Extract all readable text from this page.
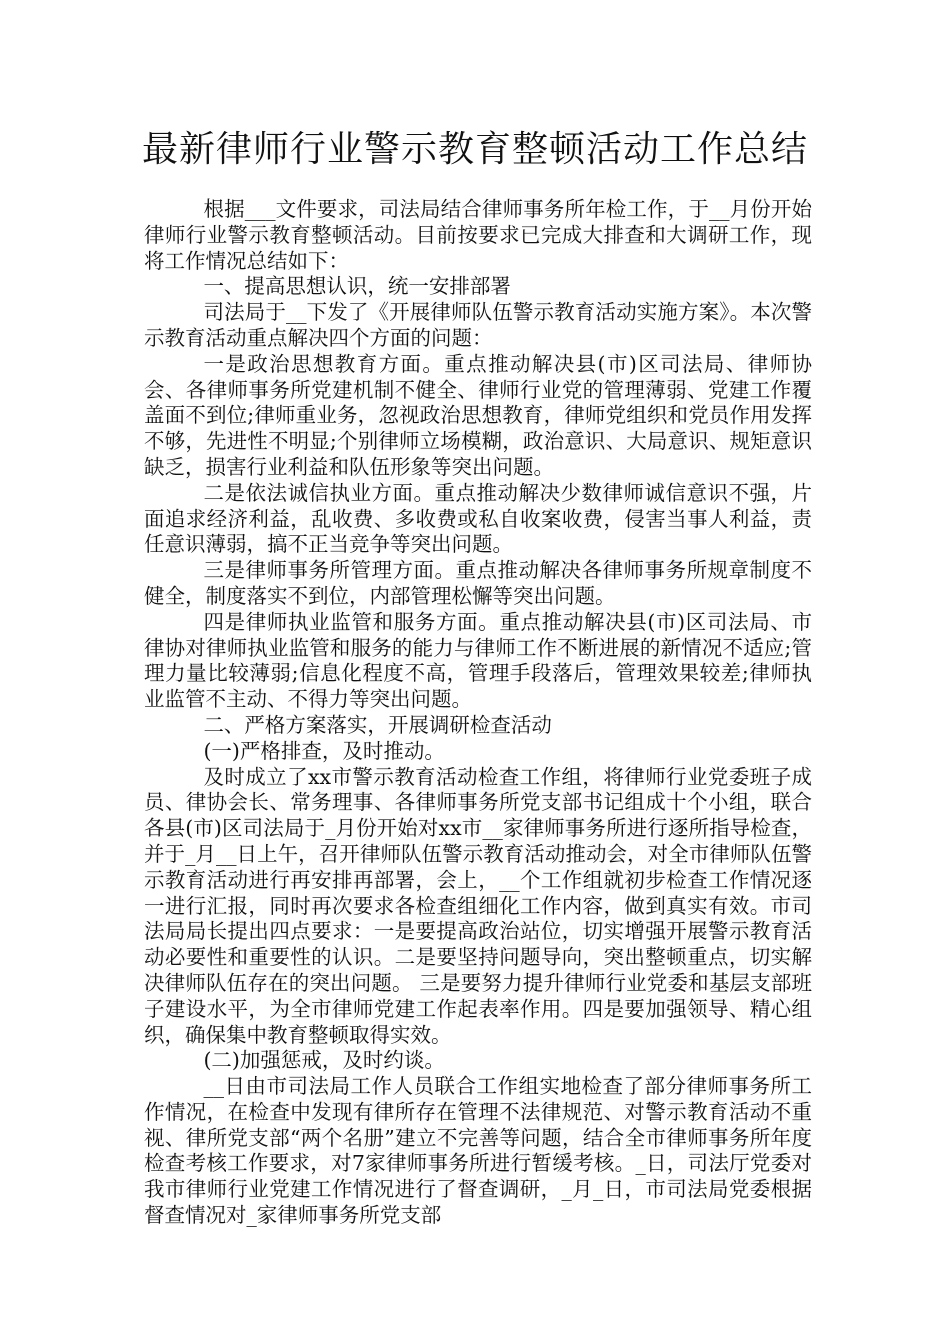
最新律师行业警示教育整顿活动工作总结

根据___文件要求，司法局结合律师事务所年检工作，于__月份开始律师行业警示教育整顿活动。目前按要求已完成大排查和大调研工作，现将工作情况总结如下：

一、提高思想认识，统一安排部署

司法局于__下发了《开展律师队伍警示教育活动实施方案》。本次警示教育活动重点解决四个方面的问题：

一是政治思想教育方面。重点推动解决县(市)区司法局、律师协会、各律师事务所党建机制不健全、律师行业党的管理薄弱、党建工作覆盖面不到位;律师重业务，忽视政治思想教育，律师党组织和党员作用发挥不够，先进性不明显;个别律师立场模糊，政治意识、大局意识、规矩意识缺乏，损害行业利益和队伍形象等突出问题。

二是依法诚信执业方面。重点推动解决少数律师诚信意识不强，片面追求经济利益，乱收费、多收费或私自收案收费，侵害当事人利益，责任意识薄弱，搞不正当竞争等突出问题。

三是律师事务所管理方面。重点推动解决各律师事务所规章制度不健全，制度落实不到位，内部管理松懈等突出问题。

四是律师执业监管和服务方面。重点推动解决县(市)区司法局、市律协对律师执业监管和服务的能力与律师工作不断进展的新情况不适应;管理力量比较薄弱;信息化程度不高，管理手段落后，管理效果较差;律师执业监管不主动、不得力等突出问题。

二、严格方案落实，开展调研检查活动

(一)严格排查，及时推动。

及时成立了xx市警示教育活动检查工作组，将律师行业党委班子成员、律协会长、常务理事、各律师事务所党支部书记组成十个小组，联合各县(市)区司法局于_月份开始对xx市__家律师事务所进行逐所指导检查，并于_月__日上午，召开律师队伍警示教育活动推动会，对全市律师队伍警示教育活动进行再安排再部署，会上，__个工作组就初步检查工作情况逐一进行汇报，同时再次要求各检查组细化工作内容，做到真实有效。市司法局局长提出四点要求：一是要提高政治站位，切实增强开展警示教育活动必要性和重要性的认识。二是要坚持问题导向，突出整顿重点，切实解决律师队伍存在的突出问题。 三是要努力提升律师行业党委和基层支部班子建设水平，为全市律师党建工作起表率作用。四是要加强领导、精心组织，确保集中教育整顿取得实效。

(二)加强惩戒，及时约谈。

__日由市司法局工作人员联合工作组实地检查了部分律师事务所工作情况，在检查中发现有律所存在管理不法律规范、对警示教育活动不重视、律所党支部“两个名册”建立不完善等问题，结合全市律师事务所年度检查考核工作要求，对7家律师事务所进行暂缓考核。_日，司法厅党委对我市律师行业党建工作情况进行了督查调研，_月_日，市司法局党委根据督查情况对_家律师事务所党支部
